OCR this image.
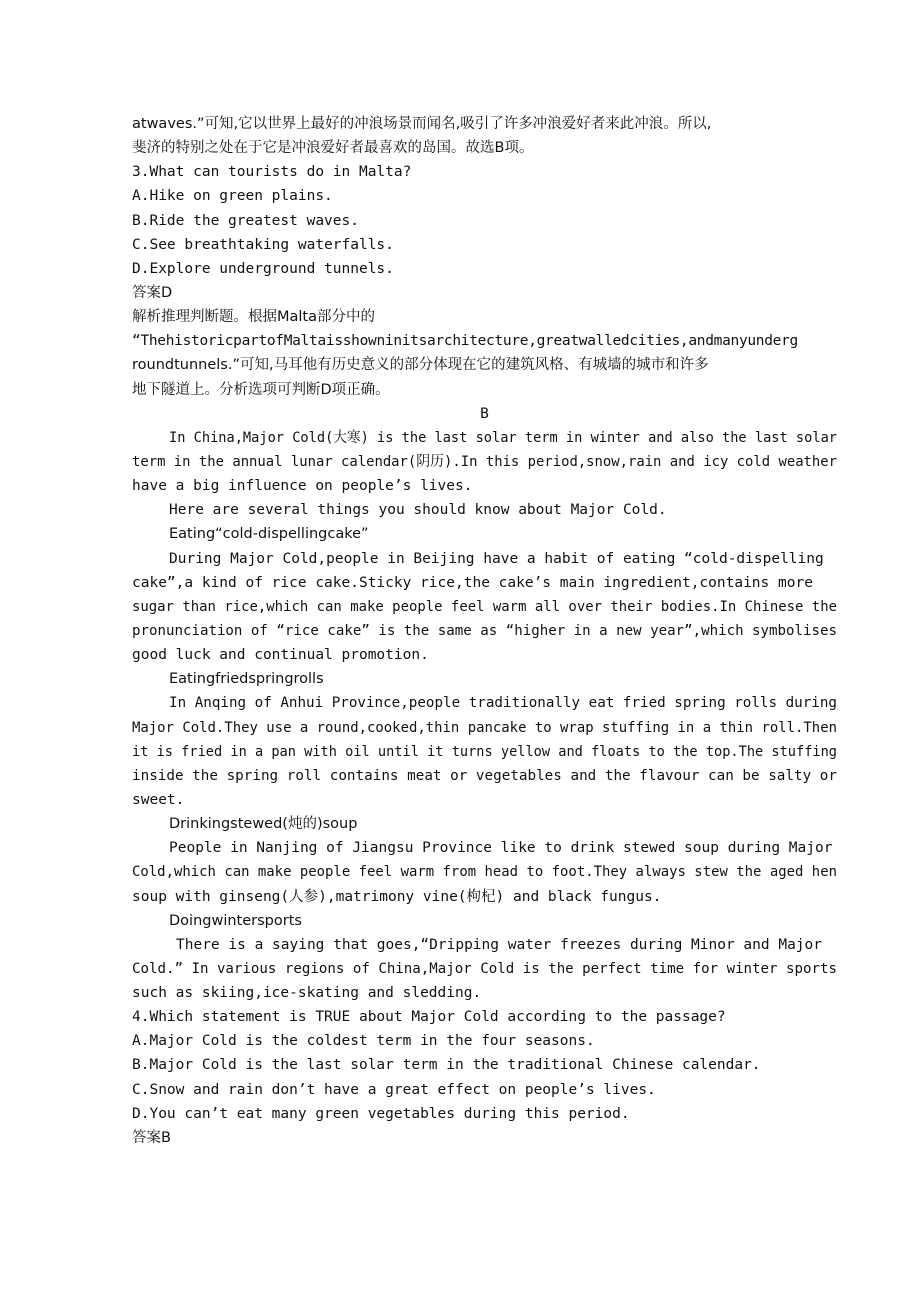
atwaves.”可知,它以世界上最好的冲浪场景而闻名,吸引了许多冲浪爱好者来此冲浪。所以,
斐济的特别之处在于它是冲浪爱好者最喜欢的岛国。故选B项。
3.What can tourists do in Malta?
A.Hike on green plains.
B.Ride the greatest waves.
C.See breathtaking waterfalls.
D.Explore underground tunnels.
答案D
解析推理判断题。根据Malta部分中的
“ThehistoricpartofMaltaisshowninitsarchitecture,greatwalledcities,andmanyunderg
roundtunnels.”可知,马耳他有历史意义的部分体现在它的建筑风格、有城墙的城市和许多
地下隧道上。分析选项可判断D项正确。
B
In China,Major Cold(大寒) is the last solar term in winter and also the last solar
term in the annual lunar calendar(阴历).In this period,snow,rain and icy cold weather
have a big influence on people’s lives.
Here are several things you should know about Major Cold.
Eating“cold-dispellingcake”
During Major Cold,people in Beijing have a habit of eating “cold-dispelling
cake”,a kind of rice cake.Sticky rice,the cake’s main ingredient,contains more
sugar than rice,which can make people feel warm all over their bodies.In Chinese the
pronunciation of “rice cake” is the same as “higher in a new year”,which symbolises
good luck and continual promotion.
Eatingfriedspringrolls
In Anqing of Anhui Province,people traditionally eat fried spring rolls during
Major Cold.They use a round,cooked,thin pancake to wrap stuffing in a thin roll.Then
it is fried in a pan with oil until it turns yellow and floats to the top.The stuffing
inside the spring roll contains meat or vegetables and the flavour can be salty or
sweet.
Drinkingstewed(炖的)soup
People in Nanjing of Jiangsu Province like to drink stewed soup during Major
Cold,which can make people feel warm from head to foot.They always stew the aged hen
soup with ginseng(人参),matrimony vine(枸杞) and black fungus.
Doingwintersports
There is a saying that goes,“Dripping water freezes during Minor and Major
Cold.” In various regions of China,Major Cold is the perfect time for winter sports
such as skiing,ice-skating and sledding.
4.Which statement is TRUE about Major Cold according to the passage?
A.Major Cold is the coldest term in the four seasons.
B.Major Cold is the last solar term in the traditional Chinese calendar.
C.Snow and rain don’t have a great effect on people’s lives.
D.You can’t eat many green vegetables during this period.
答案B
